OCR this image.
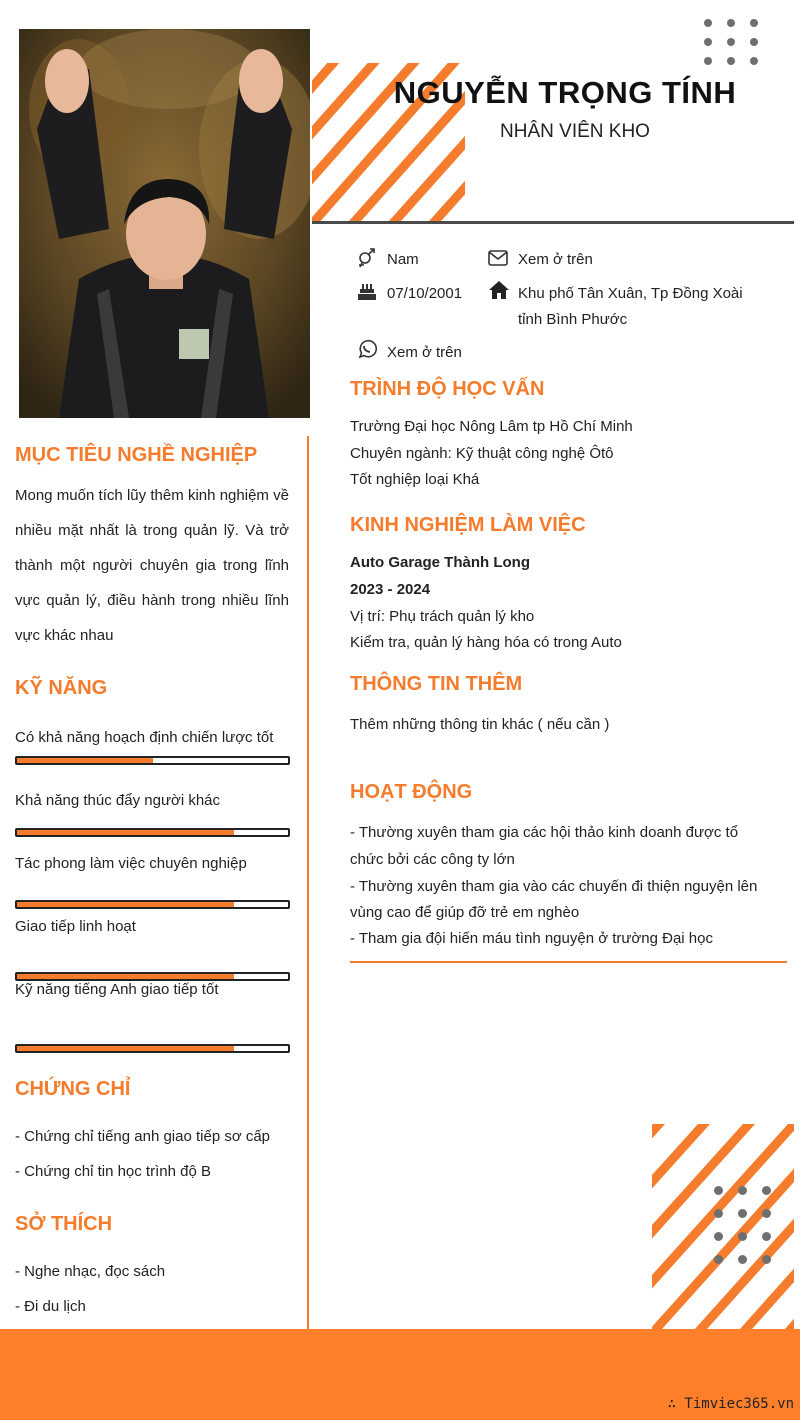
NGUYỄN TRỌNG TÍNH
NHÂN VIÊN KHO
Nam	Xem ở trên
07/10/2001	Khu phố Tân Xuân, Tp Đồng Xoài
tỉnh Bình Phước
Xem ở trên
TRÌNH ĐỘ HỌC VẤN
Trường Đại học Nông Lâm tp Hồ Chí Minh
Chuyên ngành: Kỹ thuật công nghệ Ôtô
Tốt nghiệp loại Khá
KINH NGHIỆM LÀM VIỆC
Auto Garage Thành Long
2023 - 2024
Vị trí: Phụ trách quản lý kho
Kiểm tra, quản lý hàng hóa có trong Auto
THÔNG TIN THÊM
Thêm những thông tin khác ( nếu cần )
HOẠT ĐỘNG
- Thường xuyên tham gia các hội thảo kinh doanh được tổ
chức bởi các công ty lớn
- Thường xuyên tham gia vào các chuyến đi thiện nguyện lên
vùng cao để giúp đỡ trẻ em nghèo
- Tham gia đội hiến máu tình nguyện ở trường Đại học
MỤC TIÊU NGHỀ NGHIỆP
Mong muốn tích lũy thêm kinh nghiệm về nhiều mặt nhất là trong quản lỹ. Và trở thành một người chuyên gia trong lĩnh vực quản lý, điều hành trong nhiều lĩnh vực khác nhau
KỸ NĂNG
Có khả năng hoạch định chiến lược tốt
Khả năng thúc đẩy người khác
Tác phong làm việc chuyên nghiệp
Giao tiếp linh hoạt
Kỹ năng tiếng Anh giao tiếp tốt
CHỨNG CHỈ
- Chứng chỉ tiếng anh giao tiếp sơ cấp
- Chứng chỉ tin học trình độ B
SỞ THÍCH
- Nghe nhạc, đọc sách
- Đi du lịch
∴ Timviec365.vn
